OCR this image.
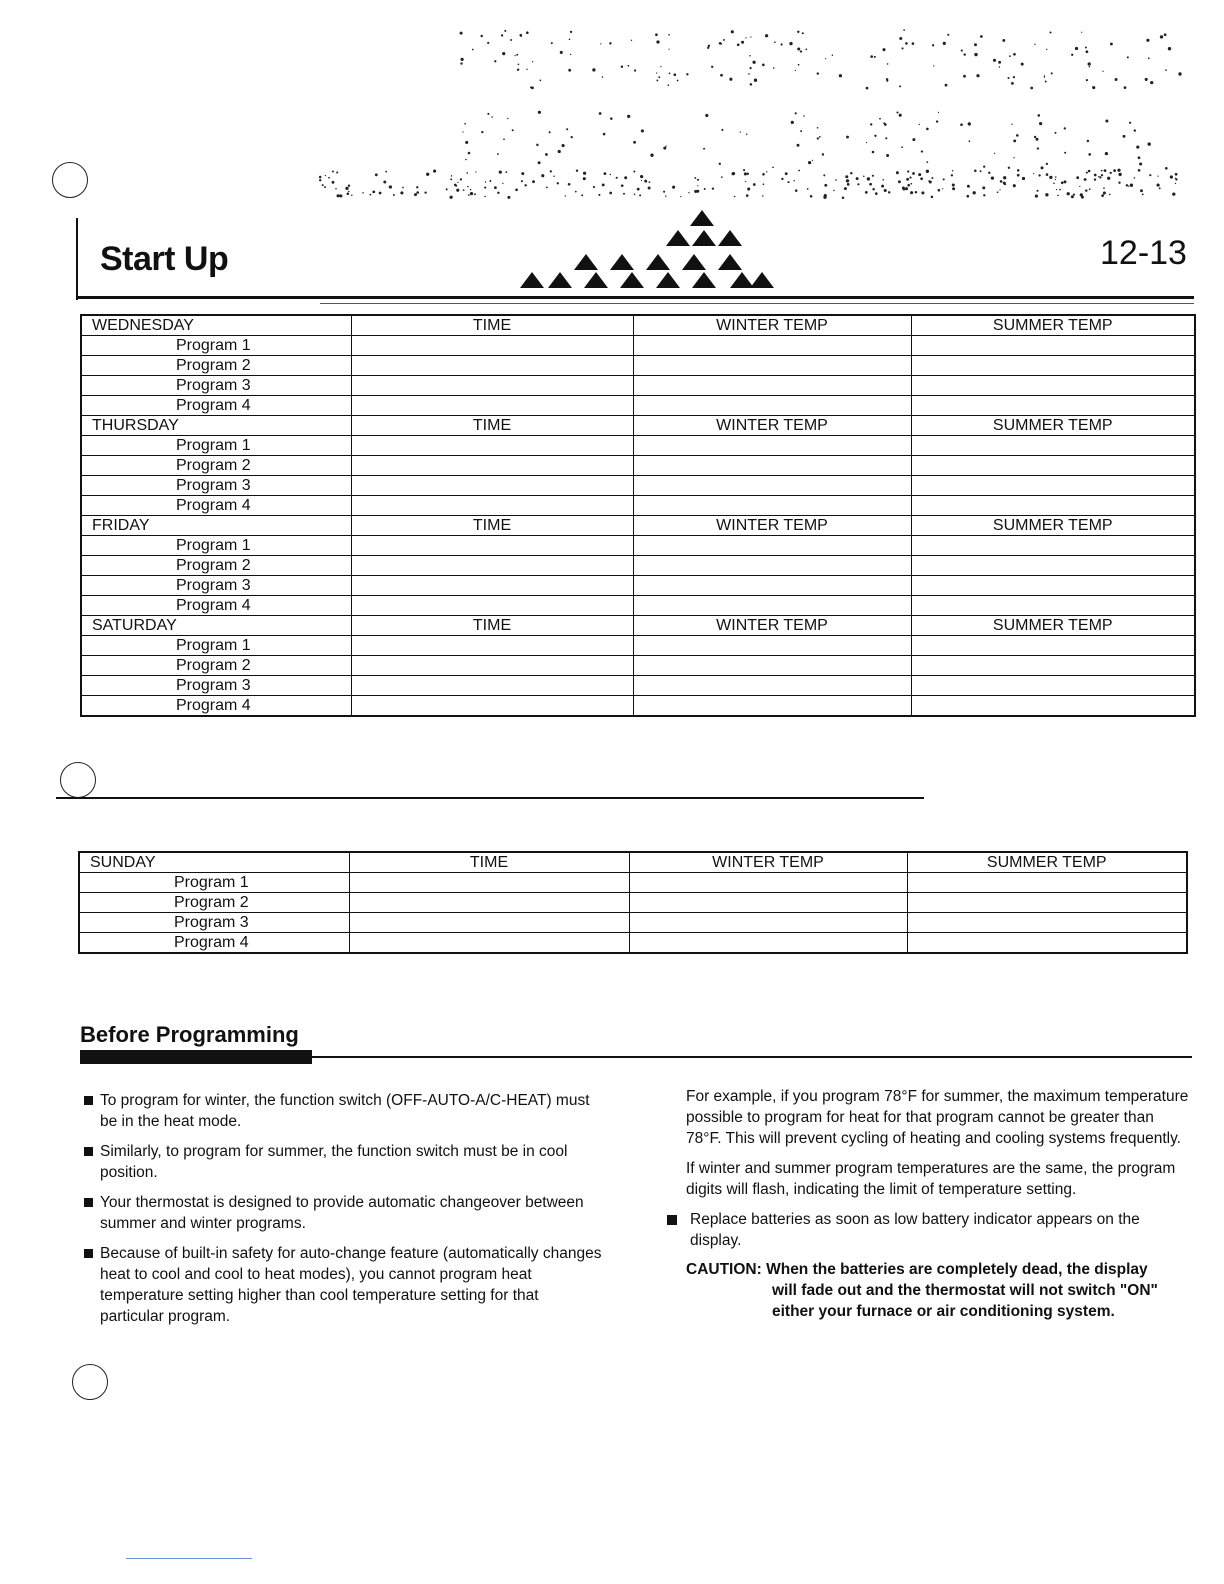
Start Up	12-13
WEDNESDAY	TIME	WINTER TEMP	SUMMER TEMP
Program 1			
Program 2			
Program 3			
Program 4			
THURSDAY	TIME	WINTER TEMP	SUMMER TEMP
Program 1			
Program 2			
Program 3			
Program 4			
FRIDAY	TIME	WINTER TEMP	SUMMER TEMP
Program 1			
Program 2			
Program 3			
Program 4			
SATURDAY	TIME	WINTER TEMP	SUMMER TEMP
Program 1			
Program 2			
Program 3			
Program 4			
SUNDAY	TIME	WINTER TEMP	SUMMER TEMP
Program 1			
Program 2			
Program 3			
Program 4			
Before Programming
To program for winter, the function switch (OFF-AUTO-A/C-HEAT) must be in the heat mode.
Similarly, to program for summer, the function switch must be in cool position.
Your thermostat is designed to provide automatic changeover between summer and winter programs.
Because of built-in safety for auto-change feature (automatically changes heat to cool and cool to heat modes), you cannot program heat temperature setting higher than cool temperature setting for that particular program.

For example, if you program 78°F for summer, the maximum temperature possible to program for heat for that program cannot be greater than 78°F. This will prevent cycling of heating and cooling systems frequently.

If winter and summer program temperatures are the same, the program digits will flash, indicating the limit of temperature setting.

Replace batteries as soon as low battery indicator appears on the display.
CAUTION: When the batteries are completely dead, the display
will fade out and the thermostat will not switch "ON"
either your furnace or air conditioning system.
